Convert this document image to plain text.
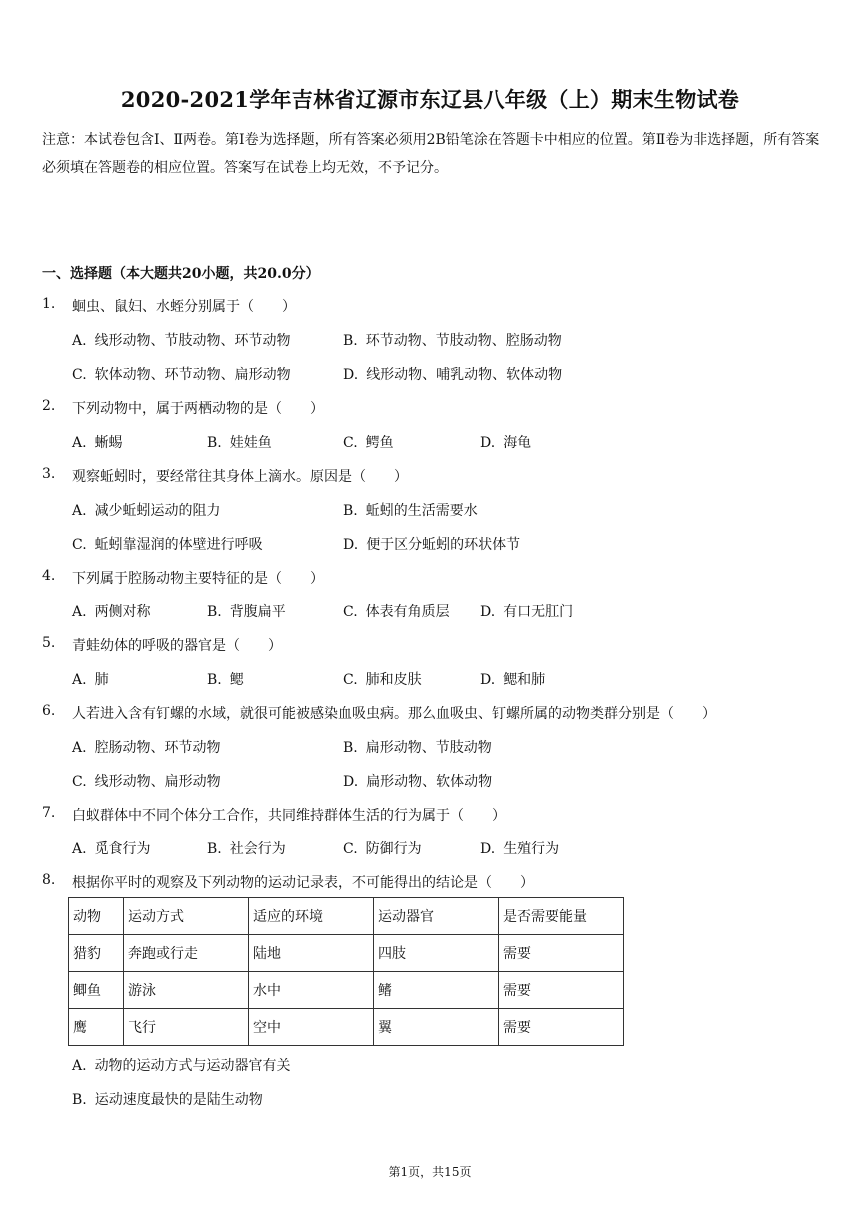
2020-2021学年吉林省辽源市东辽县八年级（上）期末生物试卷
注意：本试卷包含Ⅰ、Ⅱ两卷。第Ⅰ卷为选择题，所有答案必须用2B铅笔涂在答题卡中相应的位置。第Ⅱ卷为非选择题，所有答案必须填在答题卷的相应位置。答案写在试卷上均无效，不予记分。
一、选择题（本大题共20小题，共20.0分）
1. 蛔虫、鼠妇、水蛭分别属于（　　）
A. 线形动物、节肢动物、环节动物	B. 环节动物、节肢动物、腔肠动物
C. 软体动物、环节动物、扁形动物	D. 线形动物、哺乳动物、软体动物
2. 下列动物中，属于两栖动物的是（　　）
A. 蜥蜴	B. 娃娃鱼	C. 鳄鱼	D. 海龟
3. 观察蚯蚓时，要经常往其身体上滴水。原因是（　　）
A. 减少蚯蚓运动的阻力	B. 蚯蚓的生活需要水
C. 蚯蚓靠湿润的体壁进行呼吸	D. 便于区分蚯蚓的环状体节
4. 下列属于腔肠动物主要特征的是（　　）
A. 两侧对称	B. 背腹扁平	C. 体表有角质层 D. 有口无肛门
5. 青蛙幼体的呼吸的器官是（　　）
A. 肺	B. 鳃	C. 肺和皮肤	D. 鳃和肺
6. 人若进入含有钉螺的水域，就很可能被感染血吸虫病。那么血吸虫、钉螺所属的动物类群分别是（　　）
A. 腔肠动物、环节动物	B. 扁形动物、节肢动物
C. 线形动物、扁形动物	D. 扁形动物、软体动物
7. 白蚁群体中不同个体分工合作，共同维持群体生活的行为属于（　　）
A. 觅食行为	B. 社会行为	C. 防御行为	D. 生殖行为
8. 根据你平时的观察及下列动物的运动记录表，不可能得出的结论是（　　）
动物	运动方式	适应的环境	运动器官	是否需要能量
猎豹	奔跑或行走	陆地	四肢	需要
鲫鱼	游泳	水中	鳍	需要
鹰	飞行	空中	翼	需要
A. 动物的运动方式与运动器官有关
B. 运动速度最快的是陆生动物
第1页，共15页
